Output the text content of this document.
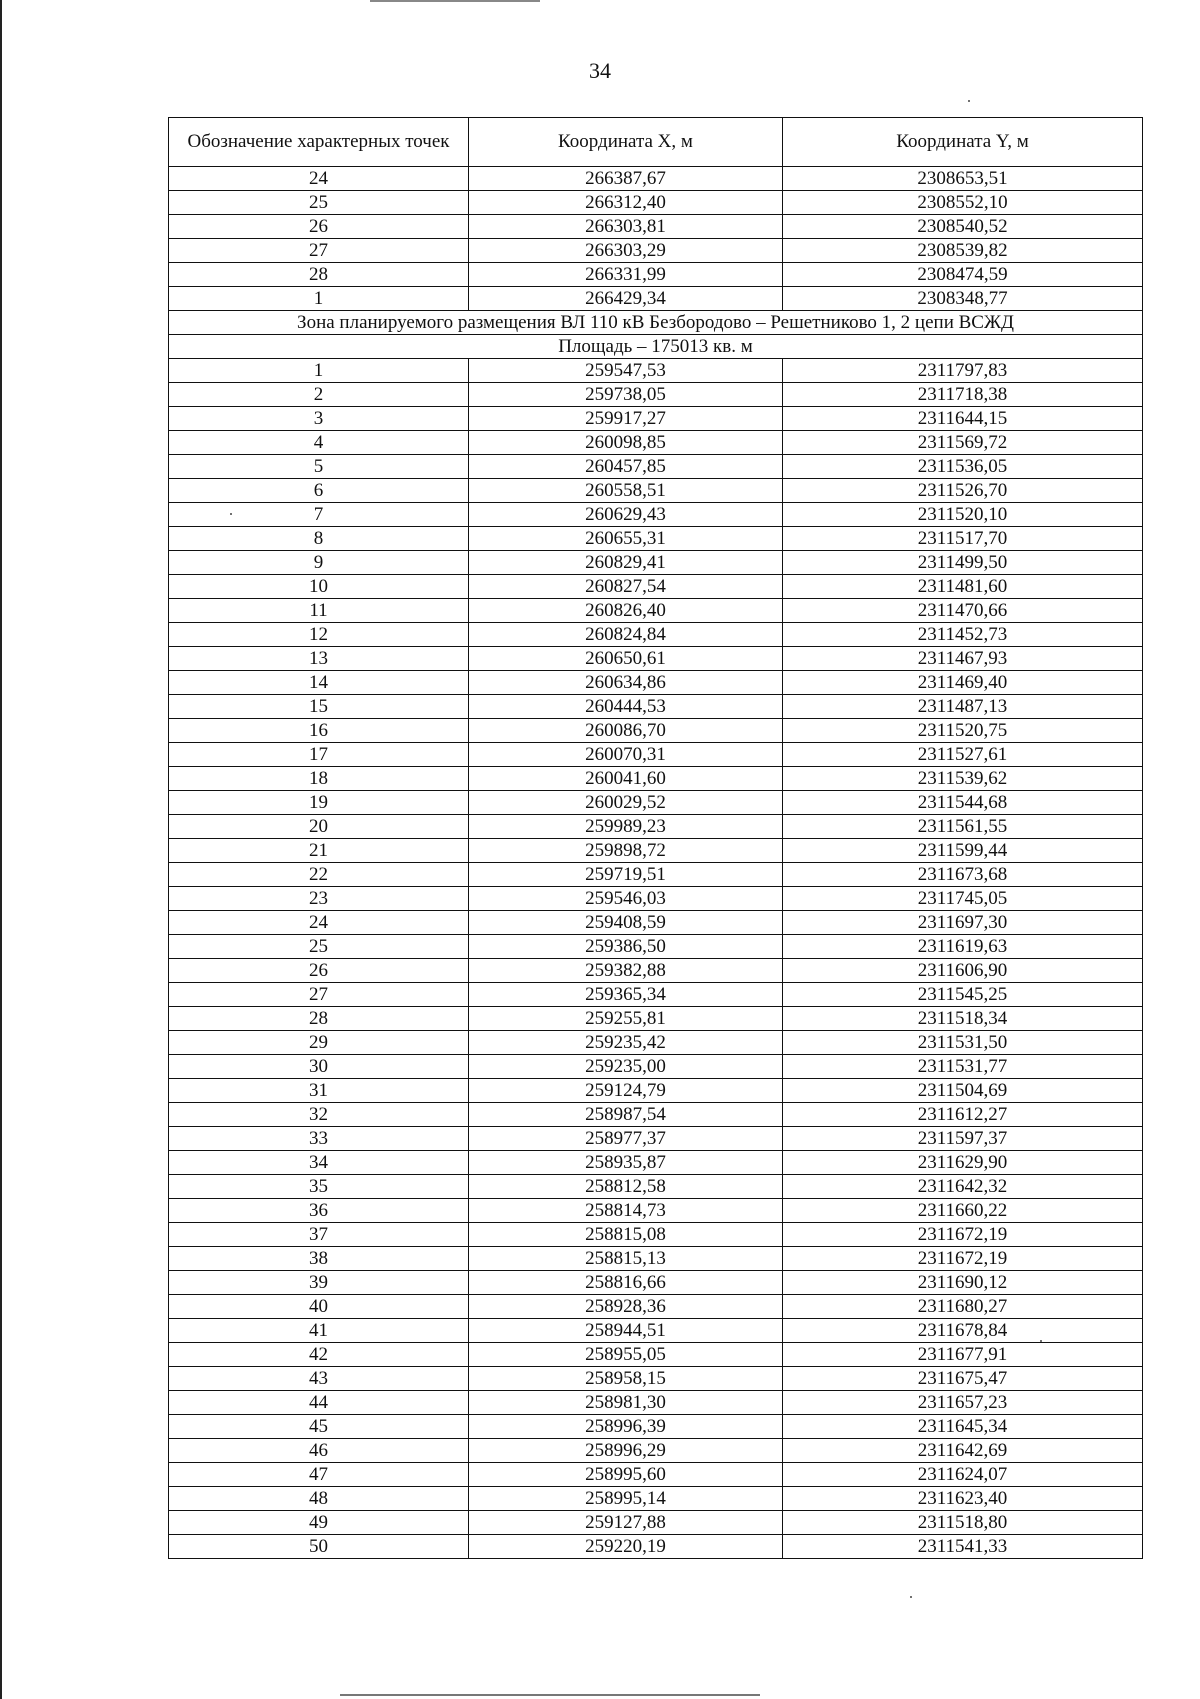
34
Обозначение характерных точек	Координата X, м	Координата Y, м
24	266387,67	2308653,51
25	266312,40	2308552,10
26	266303,81	2308540,52
27	266303,29	2308539,82
28	266331,99	2308474,59
1	266429,34	2308348,77
Зона планируемого размещения ВЛ 110 кВ Безбородово – Решетниково 1, 2 цепи ВСЖД		
Площадь – 175013 кв. м		
1	259547,53	2311797,83
2	259738,05	2311718,38
3	259917,27	2311644,15
4	260098,85	2311569,72
5	260457,85	2311536,05
6	260558,51	2311526,70
7	260629,43	2311520,10
8	260655,31	2311517,70
9	260829,41	2311499,50
10	260827,54	2311481,60
11	260826,40	2311470,66
12	260824,84	2311452,73
13	260650,61	2311467,93
14	260634,86	2311469,40
15	260444,53	2311487,13
16	260086,70	2311520,75
17	260070,31	2311527,61
18	260041,60	2311539,62
19	260029,52	2311544,68
20	259989,23	2311561,55
21	259898,72	2311599,44
22	259719,51	2311673,68
23	259546,03	2311745,05
24	259408,59	2311697,30
25	259386,50	2311619,63
26	259382,88	2311606,90
27	259365,34	2311545,25
28	259255,81	2311518,34
29	259235,42	2311531,50
30	259235,00	2311531,77
31	259124,79	2311504,69
32	258987,54	2311612,27
33	258977,37	2311597,37
34	258935,87	2311629,90
35	258812,58	2311642,32
36	258814,73	2311660,22
37	258815,08	2311672,19
38	258815,13	2311672,19
39	258816,66	2311690,12
40	258928,36	2311680,27
41	258944,51	2311678,84
42	258955,05	2311677,91
43	258958,15	2311675,47
44	258981,30	2311657,23
45	258996,39	2311645,34
46	258996,29	2311642,69
47	258995,60	2311624,07
48	258995,14	2311623,40
49	259127,88	2311518,80
50	259220,19	2311541,33
